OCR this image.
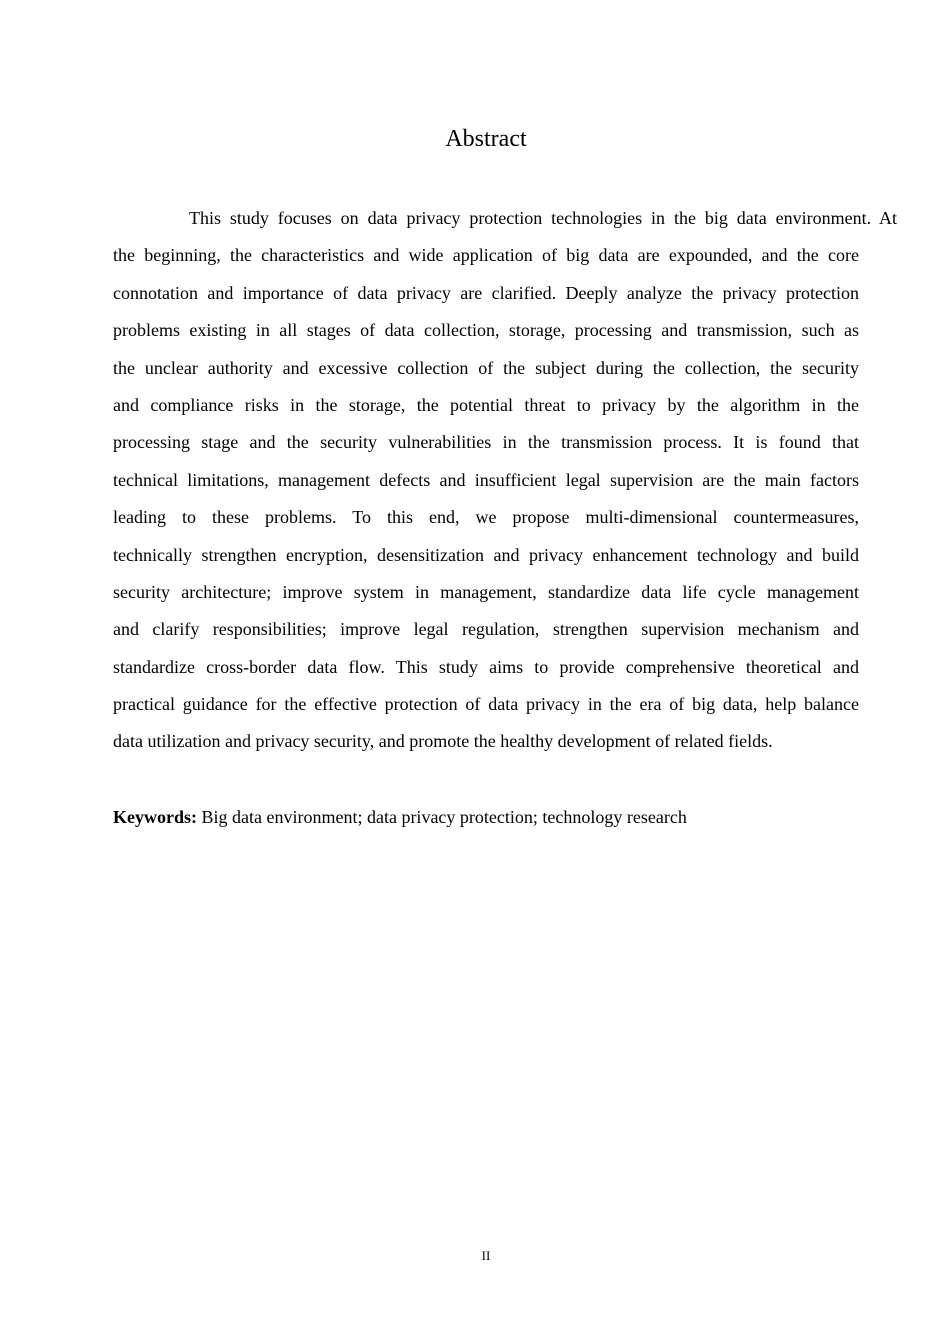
Abstract
This study focuses on data privacy protection technologies in the big data environment. At
the beginning, the characteristics and wide application of big data are expounded, and the core
connotation and importance of data privacy are clarified. Deeply analyze the privacy protection
problems existing in all stages of data collection, storage, processing and transmission, such as
the unclear authority and excessive collection of the subject during the collection, the security
and compliance risks in the storage, the potential threat to privacy by the algorithm in the
processing stage and the security vulnerabilities in the transmission process. It is found that
technical limitations, management defects and insufficient legal supervision are the main factors
leading to these problems. To this end, we propose multi-dimensional countermeasures,
technically strengthen encryption, desensitization and privacy enhancement technology and build
security architecture; improve system in management, standardize data life cycle management
and clarify responsibilities; improve legal regulation, strengthen supervision mechanism and
standardize cross-border data flow. This study aims to provide comprehensive theoretical and
practical guidance for the effective protection of data privacy in the era of big data, help balance
data utilization and privacy security, and promote the healthy development of related fields.
Keywords: Big data environment; data privacy protection; technology research
II
